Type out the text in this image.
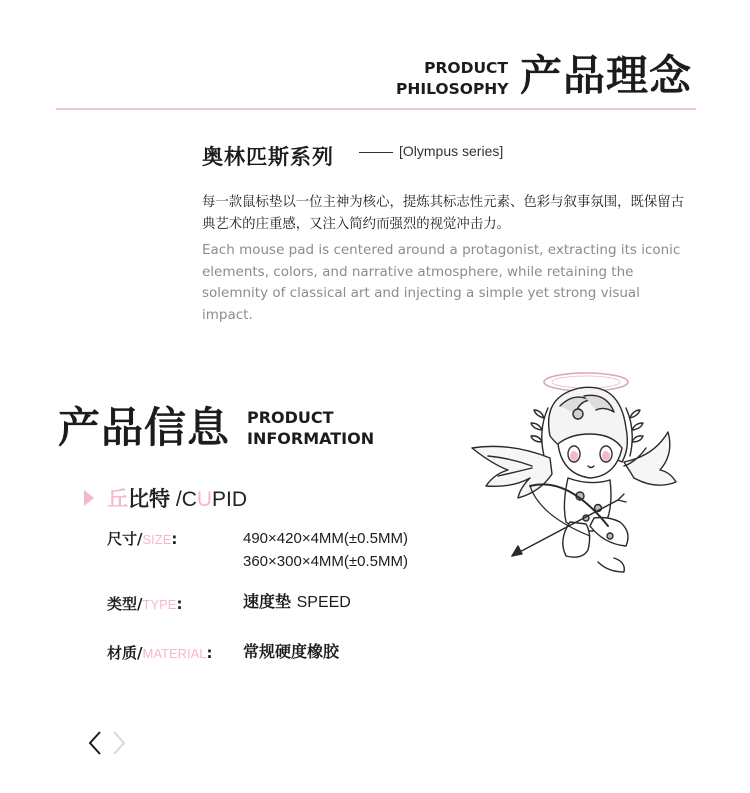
PRODUCT
PHILOSOPHY 产品理念
奥林匹斯系列	[Olympus series]
每一款鼠标垫以一位主神为核心，提炼其标志性元素、色彩与叙事氛围，既保留古典艺术的庄重感，又注入简约而强烈的视觉冲击力。
Each mouse pad is centered around a protagonist, extracting its iconic elements, colors, and narrative atmosphere, while retaining the solemnity of classical art and injecting a simple yet strong visual impact.
产品信息 PRODUCT
INFORMATION
丘比特 /CUPID
尺寸/SIZE:	490×420×4MM(±0.5MM)
360×300×4MM(±0.5MM)
类型/TYPE:	速度垫 SPEED
材质/MATERIAL: 常规硬度橡胶
